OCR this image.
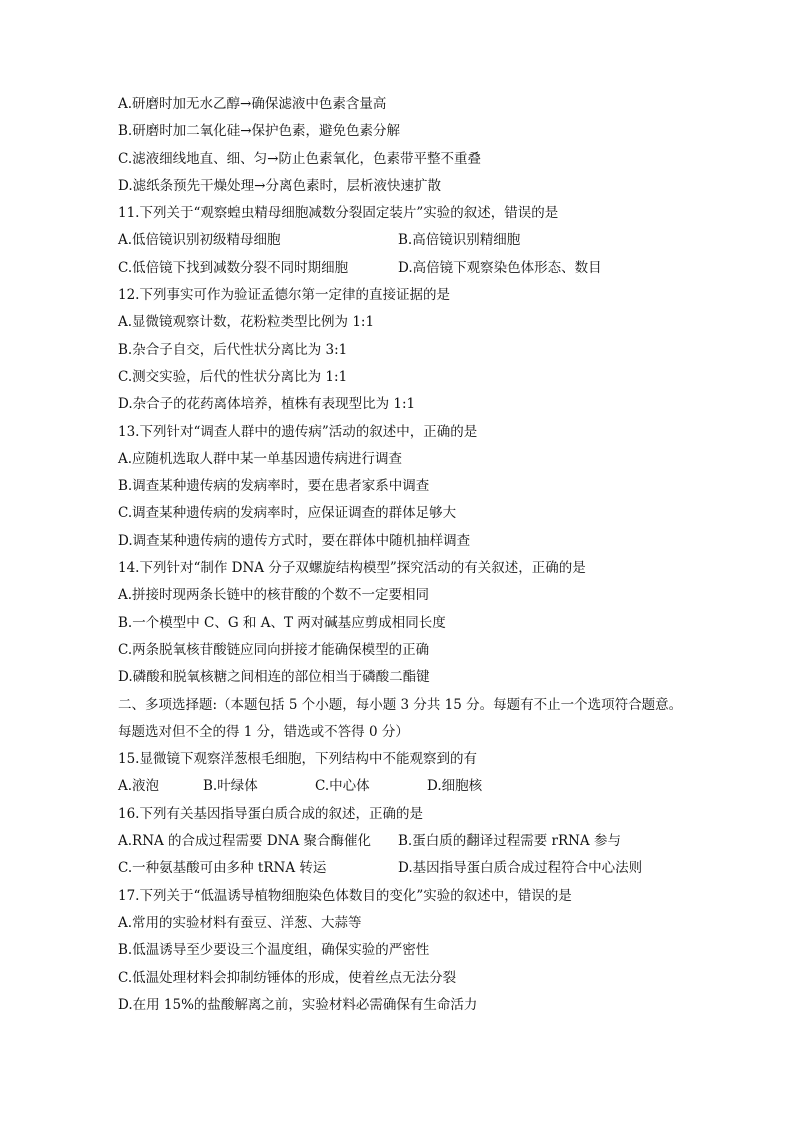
A.研磨时加无水乙醇→确保滤液中色素含量高
B.研磨时加二氧化硅→保护色素，避免色素分解
C.滤液细线地直、细、匀→防止色素氧化，色素带平整不重叠
D.滤纸条预先干燥处理→分离色素时，层析液快速扩散
11.下列关于“观察蝗虫精母细胞减数分裂固定装片”实验的叙述，错误的是
A.低倍镜识别初级精母细胞	B.高倍镜识别精细胞
C.低倍镜下找到减数分裂不同时期细胞	D.高倍镜下观察染色体形态、数目
12.下列事实可作为验证孟德尔第一定律的直接证据的是
A.显微镜观察计数，花粉粒类型比例为 1:1
B.杂合子自交，后代性状分离比为 3:1
C.测交实验，后代的性状分离比为 1:1
D.杂合子的花药离体培养，植株有表现型比为 1:1
13.下列针对“调查人群中的遗传病”活动的叙述中，正确的是
A.应随机选取人群中某一单基因遗传病进行调查
B.调查某种遗传病的发病率时，要在患者家系中调查
C.调查某种遗传病的发病率时，应保证调查的群体足够大
D.调查某种遗传病的遗传方式时，要在群体中随机抽样调查
14.下列针对“制作 DNA 分子双螺旋结构模型”探究活动的有关叙述，正确的是
A.拼接时现两条长链中的核苷酸的个数不一定要相同
B.一个模型中 C、G 和 A、T 两对碱基应剪成相同长度
C.两条脱氧核苷酸链应同向拼接才能确保模型的正确
D.磷酸和脱氧核糖之间相连的部位相当于磷酸二酯键
二、多项选择题:（本题包括 5 个小题，每小题 3 分共 15 分。每题有不止一个选项符合题意。
每题选对但不全的得 1 分，错选或不答得 0 分）
15.显微镜下观察洋葱根毛细胞，下列结构中不能观察到的有
A.液泡	B.叶绿体	C.中心体	D.细胞核
16.下列有关基因指导蛋白质合成的叙述，正确的是
A.RNA 的合成过程需要 DNA 聚合酶催化	B.蛋白质的翻译过程需要 rRNA 参与
C.一种氨基酸可由多种 tRNA 转运	D.基因指导蛋白质合成过程符合中心法则
17.下列关于“低温诱导植物细胞染色体数目的变化”实验的叙述中，错误的是
A.常用的实验材料有蚕豆、洋葱、大蒜等
B.低温诱导至少要设三个温度组，确保实验的严密性
C.低温处理材料会抑制纺锤体的形成，使着丝点无法分裂
D.在用 15%的盐酸解离之前，实验材料必需确保有生命活力
